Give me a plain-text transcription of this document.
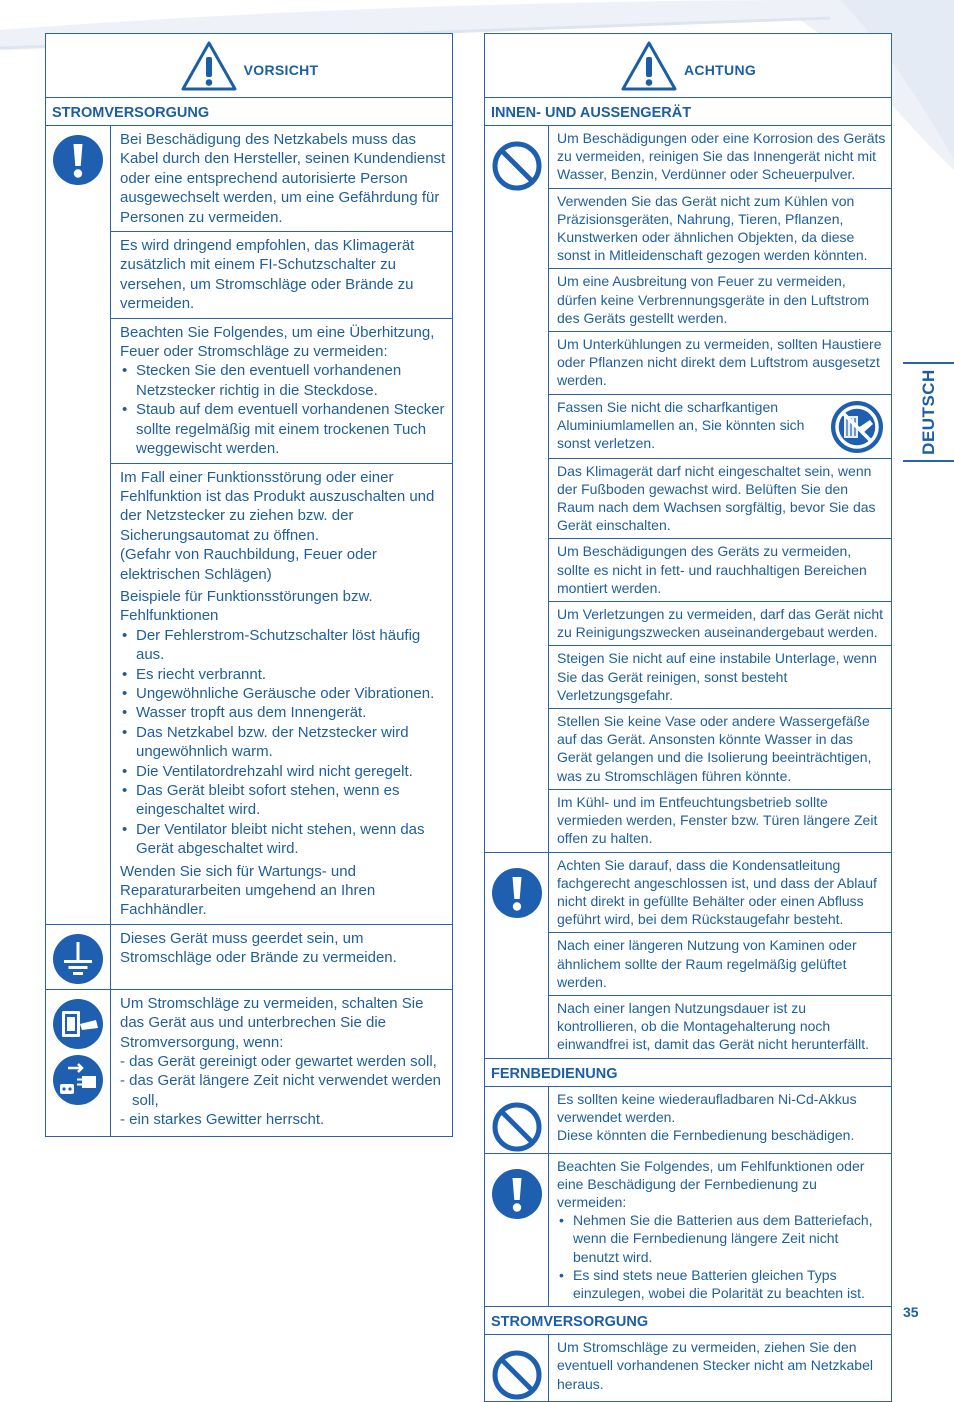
VORSICHT
STROMVERSORGUNG

Bei Beschädigung des Netzkabels muss das Kabel durch den Hersteller, seinen Kundendienst oder eine entsprechend autorisierte Person ausgewechselt werden, um eine Gefährdung für Personen zu vermeiden.

Es wird dringend empfohlen, das Klimagerät zusätzlich mit einem FI-Schutzschalter zu versehen, um Stromschläge oder Brände zu vermeiden.

Beachten Sie Folgendes, um eine Überhitzung, Feuer oder Stromschläge zu vermeiden:

• Stecken Sie den eventuell vorhandenen Netzstecker richtig in die Steckdose.
• Staub auf dem eventuell vorhandenen Stecker sollte regelmäßig mit einem trockenen Tuch weggewischt werden.

Im Fall einer Funktionsstörung oder einer Fehlfunktion ist das Produkt auszuschalten und der Netzstecker zu ziehen bzw. der Sicherungsautomat zu öffnen.

(Gefahr von Rauchbildung, Feuer oder elektrischen Schlägen)

Beispiele für Funktionsstörungen bzw. Fehlfunktionen

• Der Fehlerstrom-Schutzschalter löst häufig aus.
• Es riecht verbrannt.
• Ungewöhnliche Geräusche oder Vibrationen.
• Wasser tropft aus dem Innengerät.
• Das Netzkabel bzw. der Netzstecker wird ungewöhnlich warm.
• Die Ventilatordrehzahl wird nicht geregelt.
• Das Gerät bleibt sofort stehen, wenn es eingeschaltet wird.
• Der Ventilator bleibt nicht stehen, wenn das Gerät abgeschaltet wird.

Wenden Sie sich für Wartungs- und Reparaturarbeiten umgehend an Ihren Fachhändler.

Dieses Gerät muss geerdet sein, um Stromschläge oder Brände zu vermeiden.

Um Stromschläge zu vermeiden, schalten Sie das Gerät aus und unterbrechen Sie die Stromversorgung, wenn:

- das Gerät gereinigt oder gewartet werden soll,

- das Gerät längere Zeit nicht verwendet werden soll,

- ein starkes Gewitter herrscht.

ACHTUNG
INNEN- UND AUSSENGERÄT

Um Beschädigungen oder eine Korrosion des Geräts zu vermeiden, reinigen Sie das Innengerät nicht mit Wasser, Benzin, Verdünner oder Scheuerpulver.

Verwenden Sie das Gerät nicht zum Kühlen von Präzisionsgeräten, Nahrung, Tieren, Pflanzen, Kunstwerken oder ähnlichen Objekten, da diese sonst in Mitleidenschaft gezogen werden könnten.

Um eine Ausbreitung von Feuer zu vermeiden, dürfen keine Verbrennungsgeräte in den Luftstrom des Geräts gestellt werden.

Um Unterkühlungen zu vermeiden, sollten Haustiere oder Pflanzen nicht direkt dem Luftstrom ausgesetzt werden.

Fassen Sie nicht die scharfkantigen Aluminiumlamellen an, Sie könnten sich sonst verletzen.

Das Klimagerät darf nicht eingeschaltet sein, wenn der Fußboden gewachst wird. Belüften Sie den Raum nach dem Wachsen sorgfältig, bevor Sie das Gerät einschalten.

Um Beschädigungen des Geräts zu vermeiden, sollte es nicht in fett- und rauchhaltigen Bereichen montiert werden.

Um Verletzungen zu vermeiden, darf das Gerät nicht zu Reinigungszwecken auseinandergebaut werden.

Steigen Sie nicht auf eine instabile Unterlage, wenn Sie das Gerät reinigen, sonst besteht Verletzungsgefahr.

Stellen Sie keine Vase oder andere Wassergefäße auf das Gerät. Ansonsten könnte Wasser in das Gerät gelangen und die Isolierung beeinträchtigen, was zu Stromschlägen führen könnte.

Im Kühl- und im Entfeuchtungsbetrieb sollte vermieden werden, Fenster bzw. Türen längere Zeit offen zu halten.

Achten Sie darauf, dass die Kondensatleitung fachgerecht angeschlossen ist, und dass der Ablauf nicht direkt in gefüllte Behälter oder einen Abfluss geführt wird, bei dem Rückstaugefahr besteht.

Nach einer längeren Nutzung von Kaminen oder ähnlichem sollte der Raum regelmäßig gelüftet werden.

Nach einer langen Nutzungsdauer ist zu kontrollieren, ob die Montagehalterung noch einwandfrei ist, damit das Gerät nicht herunterfällt.

FERNBEDIENUNG

Es sollten keine wiederaufladbaren Ni-Cd-Akkus verwendet werden.
Diese könnten die Fernbedienung beschädigen.

Beachten Sie Folgendes, um Fehlfunktionen oder eine Beschädigung der Fernbedienung zu vermeiden:

• Nehmen Sie die Batterien aus dem Batteriefach, wenn die Fernbedienung längere Zeit nicht benutzt wird.
• Es sind stets neue Batterien gleichen Typs einzulegen, wobei die Polarität zu beachten ist.
STROMVERSORGUNG

Um Stromschläge zu vermeiden, ziehen Sie den eventuell vorhandenen Stecker nicht am Netzkabel heraus.

DEUTSCH
35
